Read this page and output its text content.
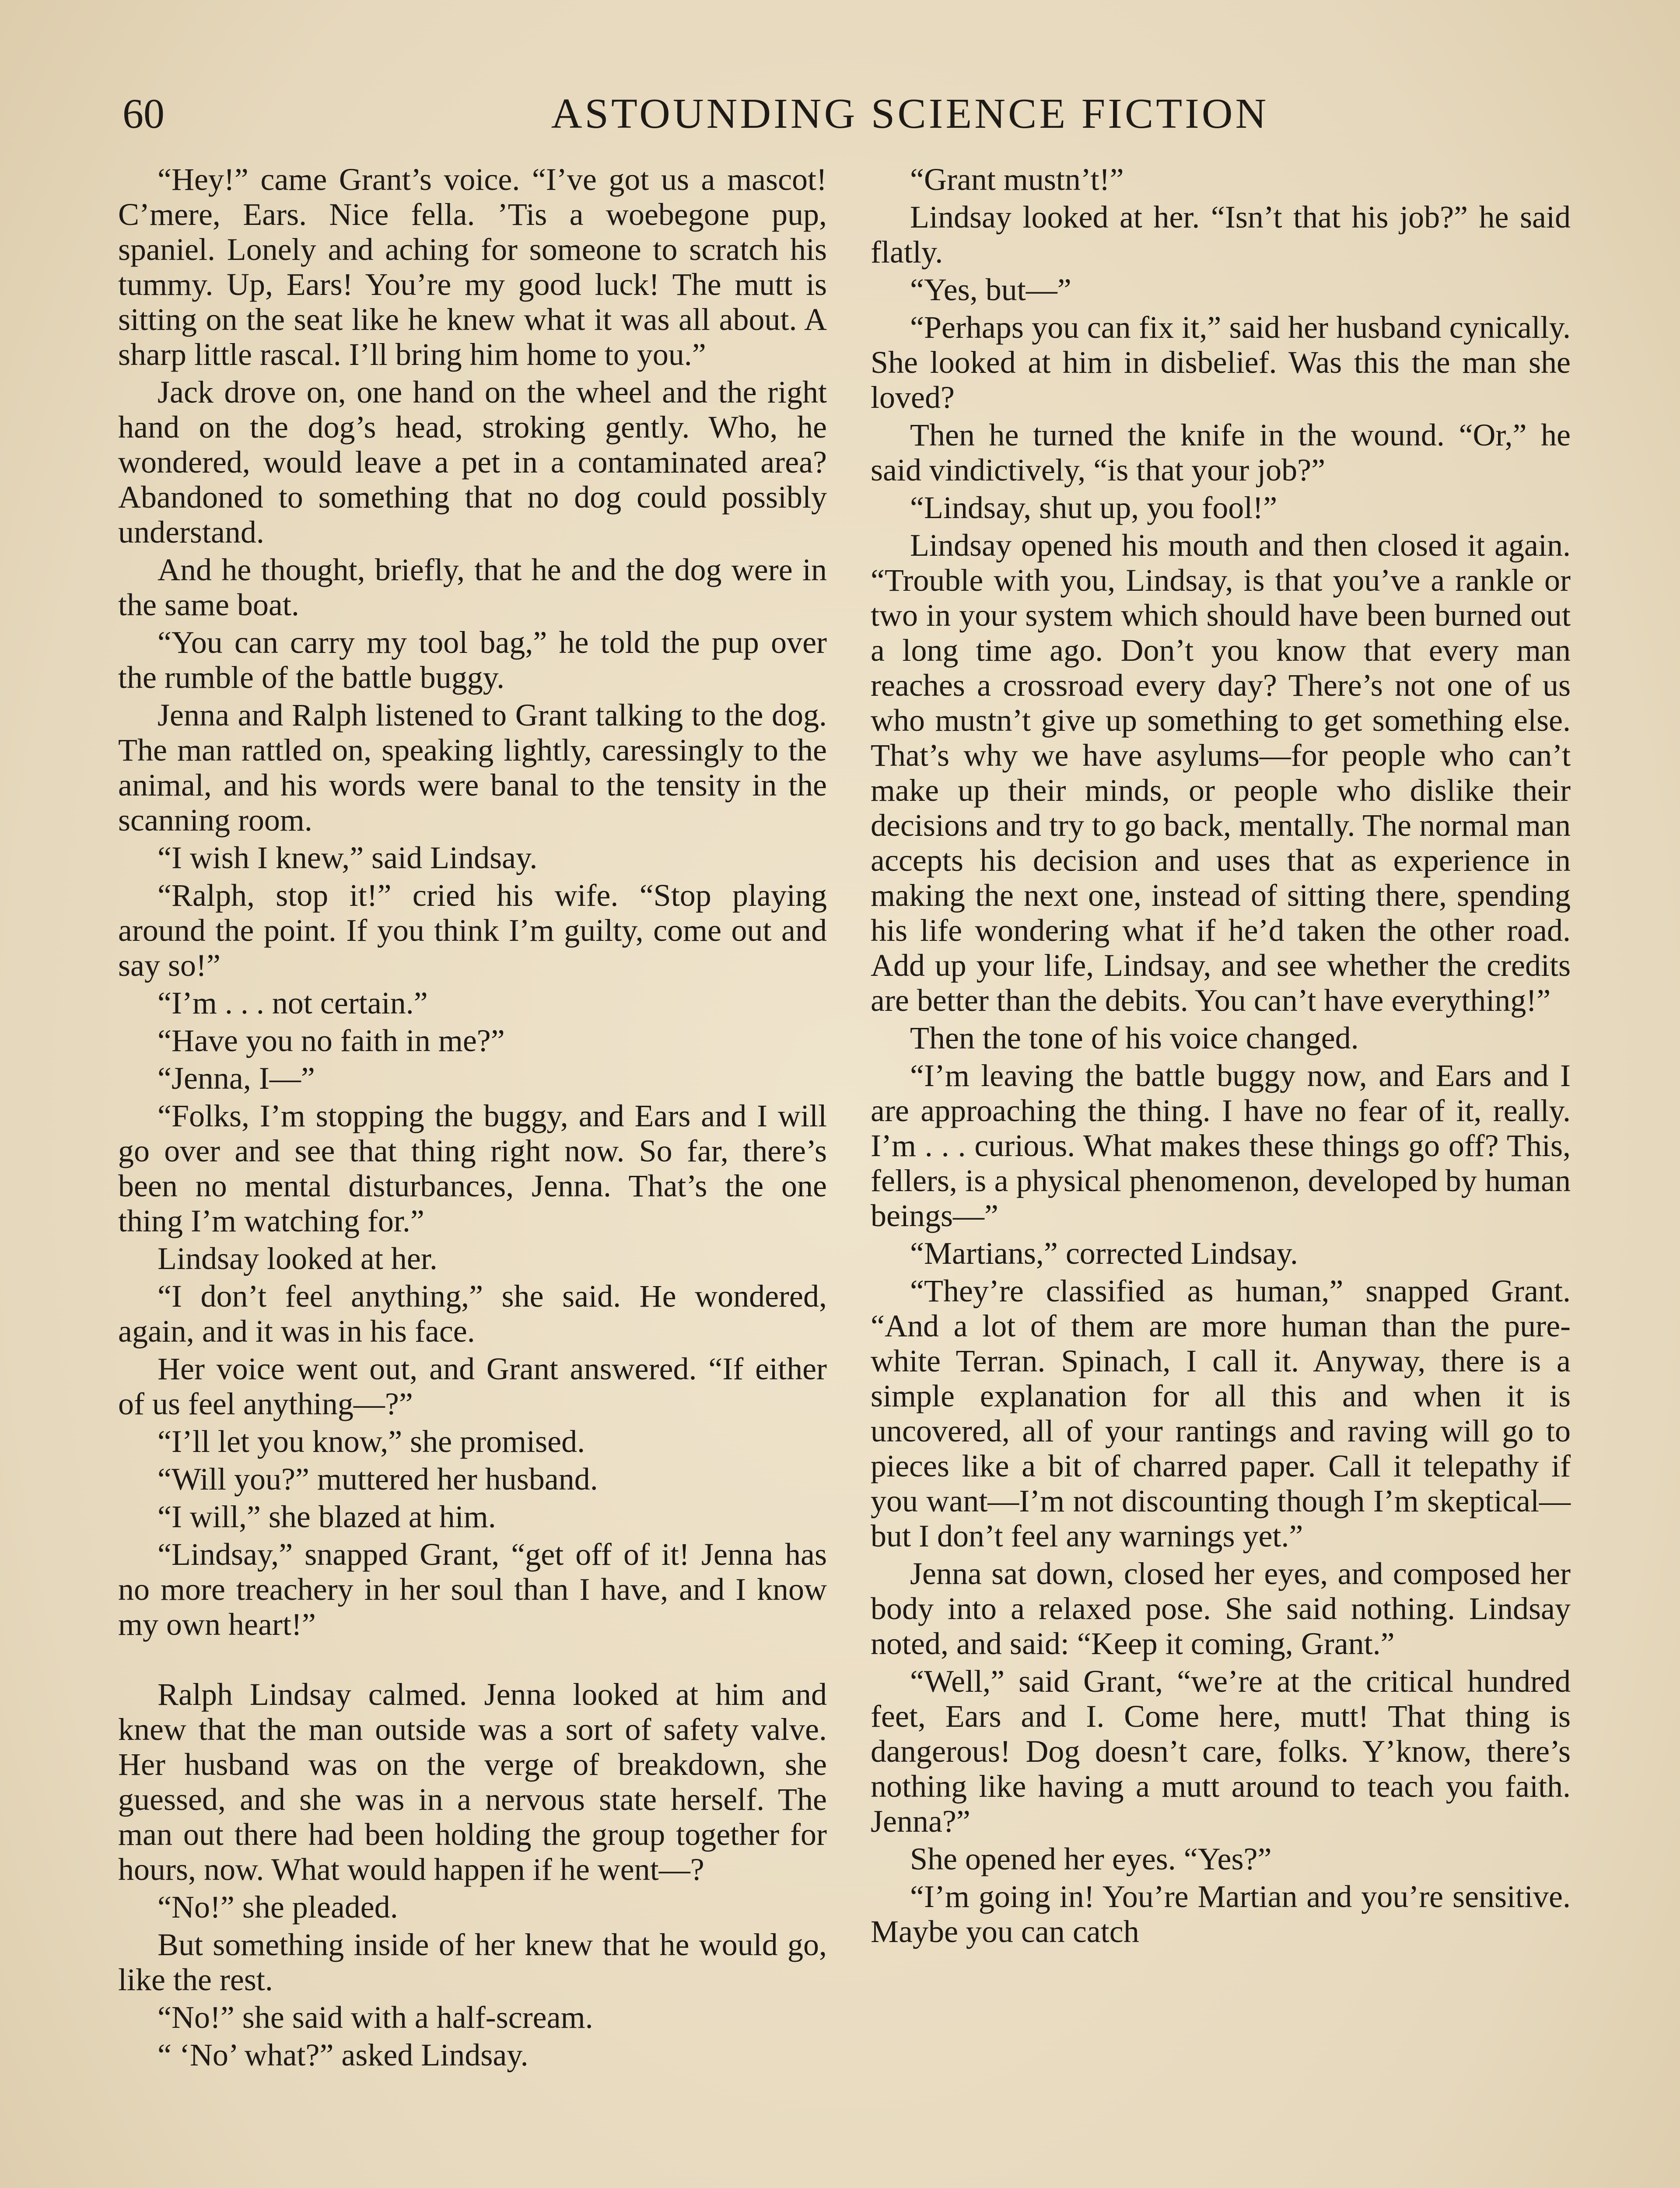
60	ASTOUNDING SCIENCE FICTION

“Hey!” came Grant’s voice. “I’ve got us a mascot! C’mere, Ears. Nice fella. ’Tis a woebegone pup, spaniel. Lonely and aching for someone to scratch his tummy. Up, Ears! You’re my good luck! The mutt is sitting on the seat like he knew what it was all about. A sharp little rascal. I’ll bring him home to you.”

Jack drove on, one hand on the wheel and the right hand on the dog’s head, stroking gently. Who, he wondered, would leave a pet in a contaminated area? Abandoned to something that no dog could possibly understand.

And he thought, briefly, that he and the dog were in the same boat.

“You can carry my tool bag,” he told the pup over the rumble of the battle buggy.

Jenna and Ralph listened to Grant talking to the dog. The man rattled on, speaking lightly, caressingly to the animal, and his words were banal to the tensity in the scanning room.

“I wish I knew,” said Lindsay.

“Ralph, stop it!” cried his wife. “Stop playing around the point. If you think I’m guilty, come out and say so!”

“I’m . . . not certain.”

“Have you no faith in me?”

“Jenna, I—”

“Folks, I’m stopping the buggy, and Ears and I will go over and see that thing right now. So far, there’s been no mental disturbances, Jenna. That’s the one thing I’m watching for.”

Lindsay looked at her.

“I don’t feel anything,” she said. He wondered, again, and it was in his face.

Her voice went out, and Grant answered. “If either of us feel anything—?”

“I’ll let you know,” she promised.

“Will you?” muttered her husband.

“I will,” she blazed at him.

“Lindsay,” snapped Grant, “get off of it! Jenna has no more treachery in her soul than I have, and I know my own heart!”

Ralph Lindsay calmed. Jenna looked at him and knew that the man outside was a sort of safety valve. Her husband was on the verge of breakdown, she guessed, and she was in a nervous state herself. The man out there had been holding the group together for hours, now. What would happen if he went—?

“No!” she pleaded.

But something inside of her knew that he would go, like the rest.

“No!” she said with a half-scream.

“ ‘No’ what?” asked Lindsay.

“Grant mustn’t!”

Lindsay looked at her. “Isn’t that his job?” he said flatly.

“Yes, but—”

“Perhaps you can fix it,” said her husband cynically. She looked at him in disbelief. Was this the man she loved?

Then he turned the knife in the wound. “Or,” he said vindictively, “is that your job?”

“Lindsay, shut up, you fool!”

Lindsay opened his mouth and then closed it again. “Trouble with you, Lindsay, is that you’ve a rankle or two in your system which should have been burned out a long time ago. Don’t you know that every man reaches a crossroad every day? There’s not one of us who mustn’t give up something to get something else. That’s why we have asylums—for people who can’t make up their minds, or people who dislike their decisions and try to go back, mentally. The normal man accepts his decision and uses that as experience in making the next one, instead of sitting there, spending his life wondering what if he’d taken the other road. Add up your life, Lindsay, and see whether the credits are better than the debits. You can’t have everything!”

Then the tone of his voice changed.

“I’m leaving the battle buggy now, and Ears and I are approaching the thing. I have no fear of it, really. I’m . . . curious. What makes these things go off? This, fellers, is a physical phenomenon, developed by human beings—”

“Martians,” corrected Lindsay.

“They’re classified as human,” snapped Grant. “And a lot of them are more human than the pure-white Terran. Spinach, I call it. Anyway, there is a simple explanation for all this and when it is uncovered, all of your rantings and raving will go to pieces like a bit of charred paper. Call it telepathy if you want—I’m not discounting though I’m skeptical—but I don’t feel any warnings yet.”

Jenna sat down, closed her eyes, and composed her body into a relaxed pose. She said nothing. Lindsay noted, and said: “Keep it coming, Grant.”

“Well,” said Grant, “we’re at the critical hundred feet, Ears and I. Come here, mutt! That thing is dangerous! Dog doesn’t care, folks. Y’know, there’s nothing like having a mutt around to teach you faith. Jenna?”

She opened her eyes. “Yes?”

“I’m going in! You’re Martian and you’re sensitive. Maybe you can catch
